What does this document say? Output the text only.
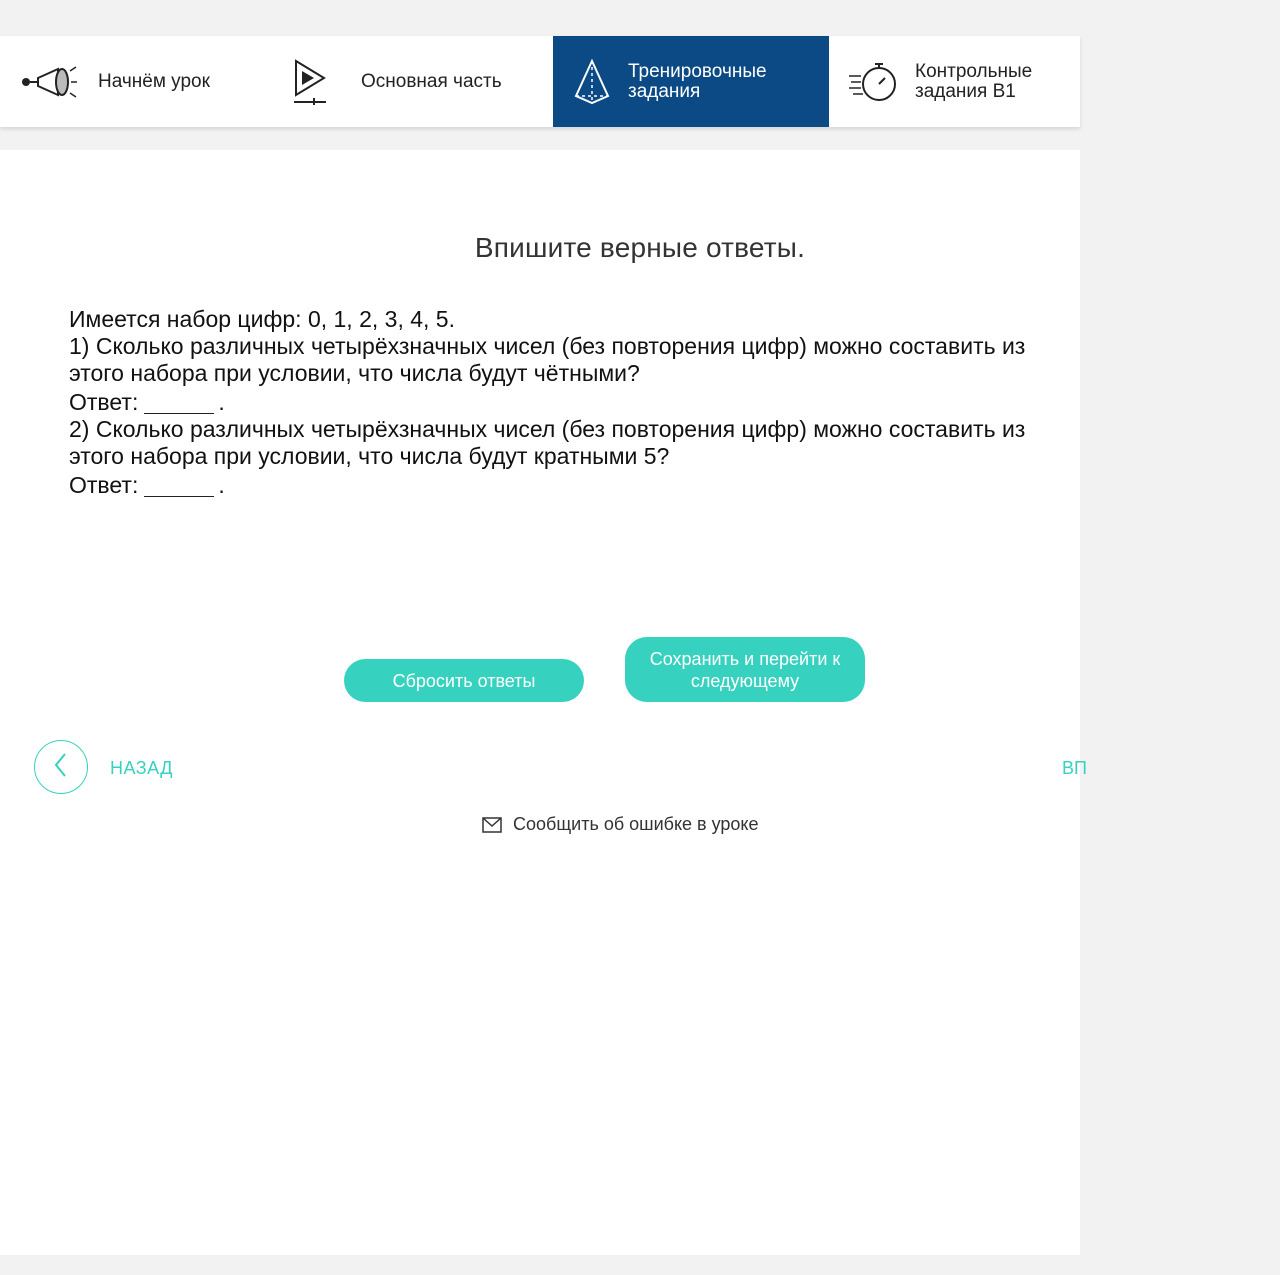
Начнём урок	Основная часть	Тренировочные
задания
Контрольные
задания В1
Впишите верные ответы.

Имеется набор цифр: 0, 1, 2, 3, 4, 5.

1) Сколько различных четырёхзначных чисел (без повторения цифр) можно составить из этого набора при условии, что числа будут чётными?

Ответ:	.

2) Сколько различных четырёхзначных чисел (без повторения цифр) можно составить из этого набора при условии, что числа будут кратными 5?

Ответ:	.

Сбросить ответы
Сохранить и перейти к следующему
НАЗАД	ВП
Сообщить об ошибке в уроке
